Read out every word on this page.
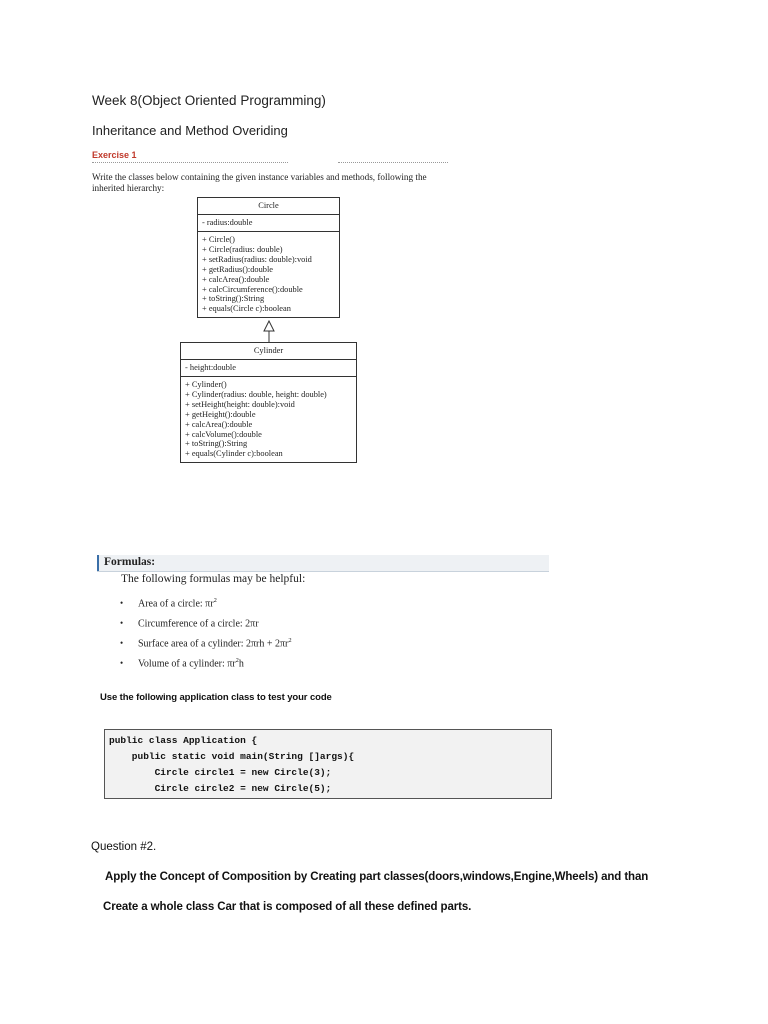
Week 8(Object Oriented Programming)
Inheritance and Method Overiding
Exercise 1
Write the classes below containing the given instance variables and methods, following the inherited hierarchy:
Circle
- radius:double
+ Circle()
+ Circle(radius: double)
+ setRadius(radius: double):void
+ getRadius():double
+ calcArea():double
+ calcCircumference():double
+ toString():String
+ equals(Circle c):boolean
Cylinder
- height:double
+ Cylinder()
+ Cylinder(radius: double, height: double)
+ setHeight(height: double):void
+ getHeight():double
+ calcArea():double
+ calcVolume():double
+ toString():String
+ equals(Cylinder c):boolean
Formulas:
The following formulas may be helpful:
• Area of a circle: $\pi r^2$
• Circumference of a circle: 2πr
• Surface area of a cylinder: $2\pi rh + 2\pi r^2$
• Volume of a cylinder: $\pi r^2h$
Use the following application class to test your code
public class Application {
public static void main(String []args){
Circle circle1 = new Circle(3);
Circle circle2 = new Circle(5);
Question #2.
Apply the Concept of Composition by Creating part classes(doors,windows,Engine,Wheels) and than
Create a whole class Car that is composed of all these defined parts.
